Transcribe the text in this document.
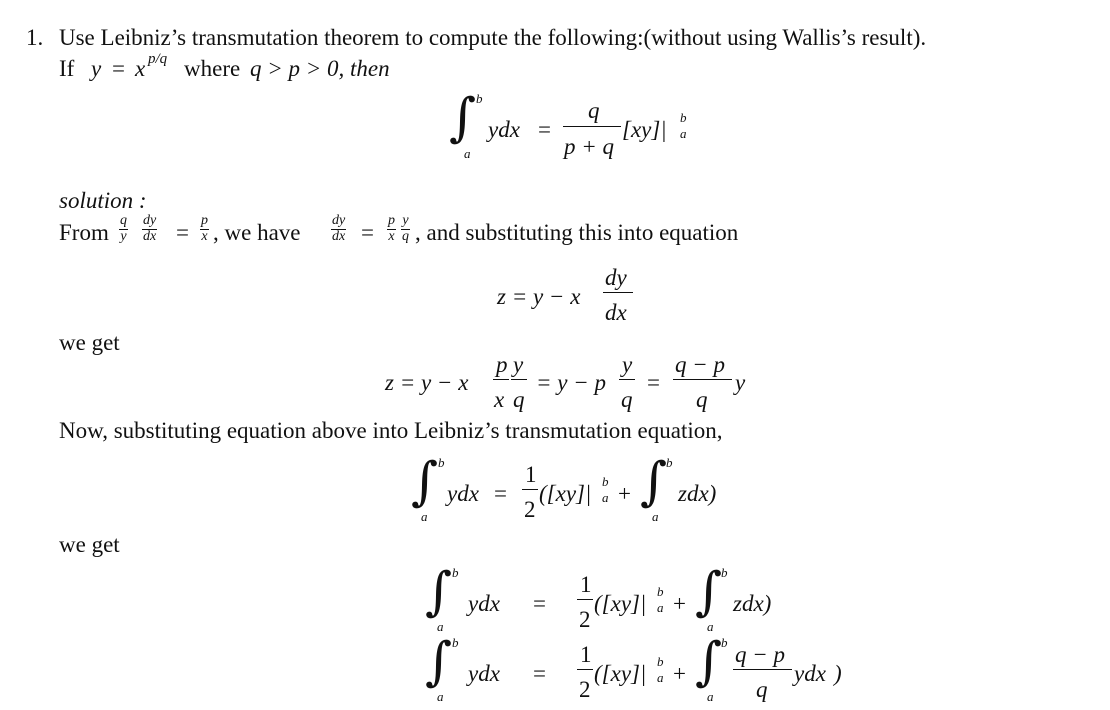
1. Use Leibniz’s transmutation theorem to compute the following:(without using Wallis’s result).
If y = x p/q where q > p > 0, then
∫ b
a
ydx =
q
p + q
[xy]| b
a
solution :
From $\frac{q}{y} \frac{dy}{dx} = \frac{p}{x}$ , we have $\frac{dy}{dx} = \frac{p}{x} \frac{y}{q}$ , and substituting this into equation
z = y − x
dy
dx
we get
z = y − x
p
x
y
q
= y − p
y
q
=
q − p
q
y
Now, substituting equation above into Leibniz’s transmutation equation,
∫ b
a
ydx =
1
2
([xy]| b
a + ∫
b
a
zdx)
we get
∫ b
a
ydx =
1
2
([xy]| b
a + ∫
b
a
zdx)
∫ b
a
ydx =
1
2
([xy]| b
a + ∫
b
a
q − p
q
ydx )
